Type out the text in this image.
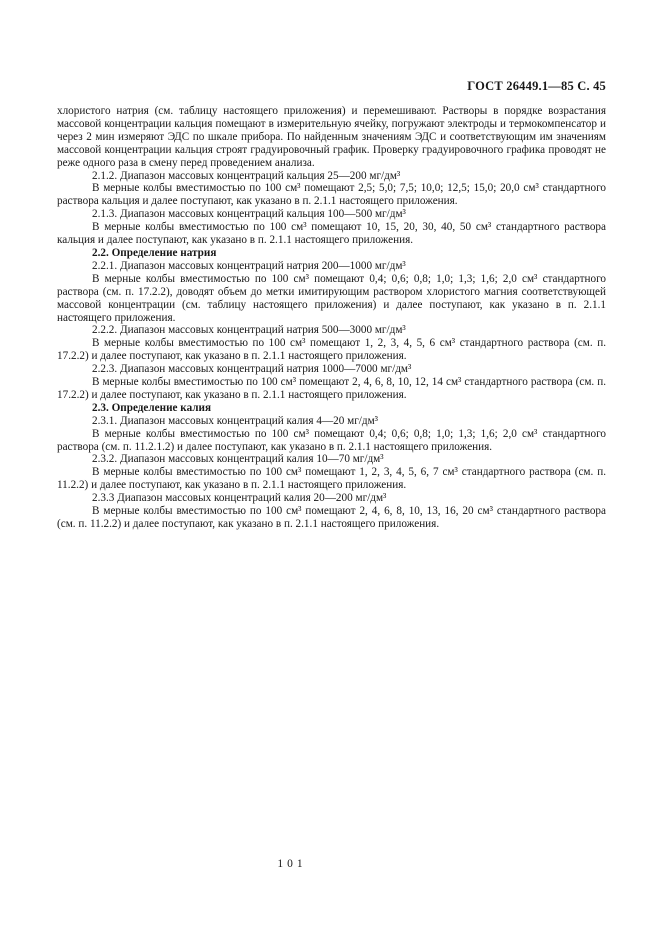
ГОСТ 26449.1—85 С. 45

хлористого натрия (см. таблицу настоящего приложения) и перемешивают. Растворы в порядке возрастания массовой концентрации кальция помещают в измерительную ячейку, погружают электроды и термокомпенсатор и через 2 мин измеряют ЭДС по шкале прибора. По найденным значениям ЭДС и соответствующим им значениям массовой концентрации кальция строят градуировочный график. Проверку градуировочного графика проводят не реже одного раза в смену перед проведением анализа.

2.1.2. Диапазон массовых концентраций кальция 25—200 мг/дм³

В мерные колбы вместимостью по 100 см³ помещают 2,5; 5,0; 7,5; 10,0; 12,5; 15,0; 20,0 см³ стандартного раствора кальция и далее поступают, как указано в п. 2.1.1 настоящего приложения.

2.1.3. Диапазон массовых концентраций кальция 100—500 мг/дм³

В мерные колбы вместимостью по 100 см³ помещают 10, 15, 20, 30, 40, 50 см³ стандартного раствора кальция и далее поступают, как указано в п. 2.1.1 настоящего приложения.

2.2. Определение натрия

2.2.1. Диапазон массовых концентраций натрия 200—1000 мг/дм³

В мерные колбы вместимостью по 100 см³ помещают 0,4; 0,6; 0,8; 1,0; 1,3; 1,6; 2,0 см³ стандартного раствора (см. п. 17.2.2), доводят объем до метки имитирующим раствором хлористого магния соответствующей массовой концентрации (см. таблицу настоящего приложения) и далее поступают, как указано в п. 2.1.1 настоящего приложения.

2.2.2. Диапазон массовых концентраций натрия 500—3000 мг/дм³

В мерные колбы вместимостью по 100 см³ помещают 1, 2, 3, 4, 5, 6 см³ стандартного раствора (см. п. 17.2.2) и далее поступают, как указано в п. 2.1.1 настоящего приложения.

2.2.3. Диапазон массовых концентраций натрия 1000—7000 мг/дм³

В мерные колбы вместимостью по 100 см³ помещают 2, 4, 6, 8, 10, 12, 14 см³ стандартного раствора (см. п. 17.2.2) и далее поступают, как указано в п. 2.1.1 настоящего приложения.

2.3. Определение калия

2.3.1. Диапазон массовых концентраций калия 4—20 мг/дм³

В мерные колбы вместимостью по 100 см³ помещают 0,4; 0,6; 0,8; 1,0; 1,3; 1,6; 2,0 см³ стандартного раствора (см. п. 11.2.1.2) и далее поступают, как указано в п. 2.1.1 настоящего приложения.

2.3.2. Диапазон массовых концентраций калия 10—70 мг/дм³

В мерные колбы вместимостью по 100 см³ помещают 1, 2, 3, 4, 5, 6, 7 см³ стандартного раствора (см. п. 11.2.2) и далее поступают, как указано в п. 2.1.1 настоящего приложения.

2.3.3 Диапазон массовых концентраций калия 20—200 мг/дм³

В мерные колбы вместимостью по 100 см³ помещают 2, 4, 6, 8, 10, 13, 16, 20 см³ стандартного раствора (см. п. 11.2.2) и далее поступают, как указано в п. 2.1.1 настоящего приложения.

101
